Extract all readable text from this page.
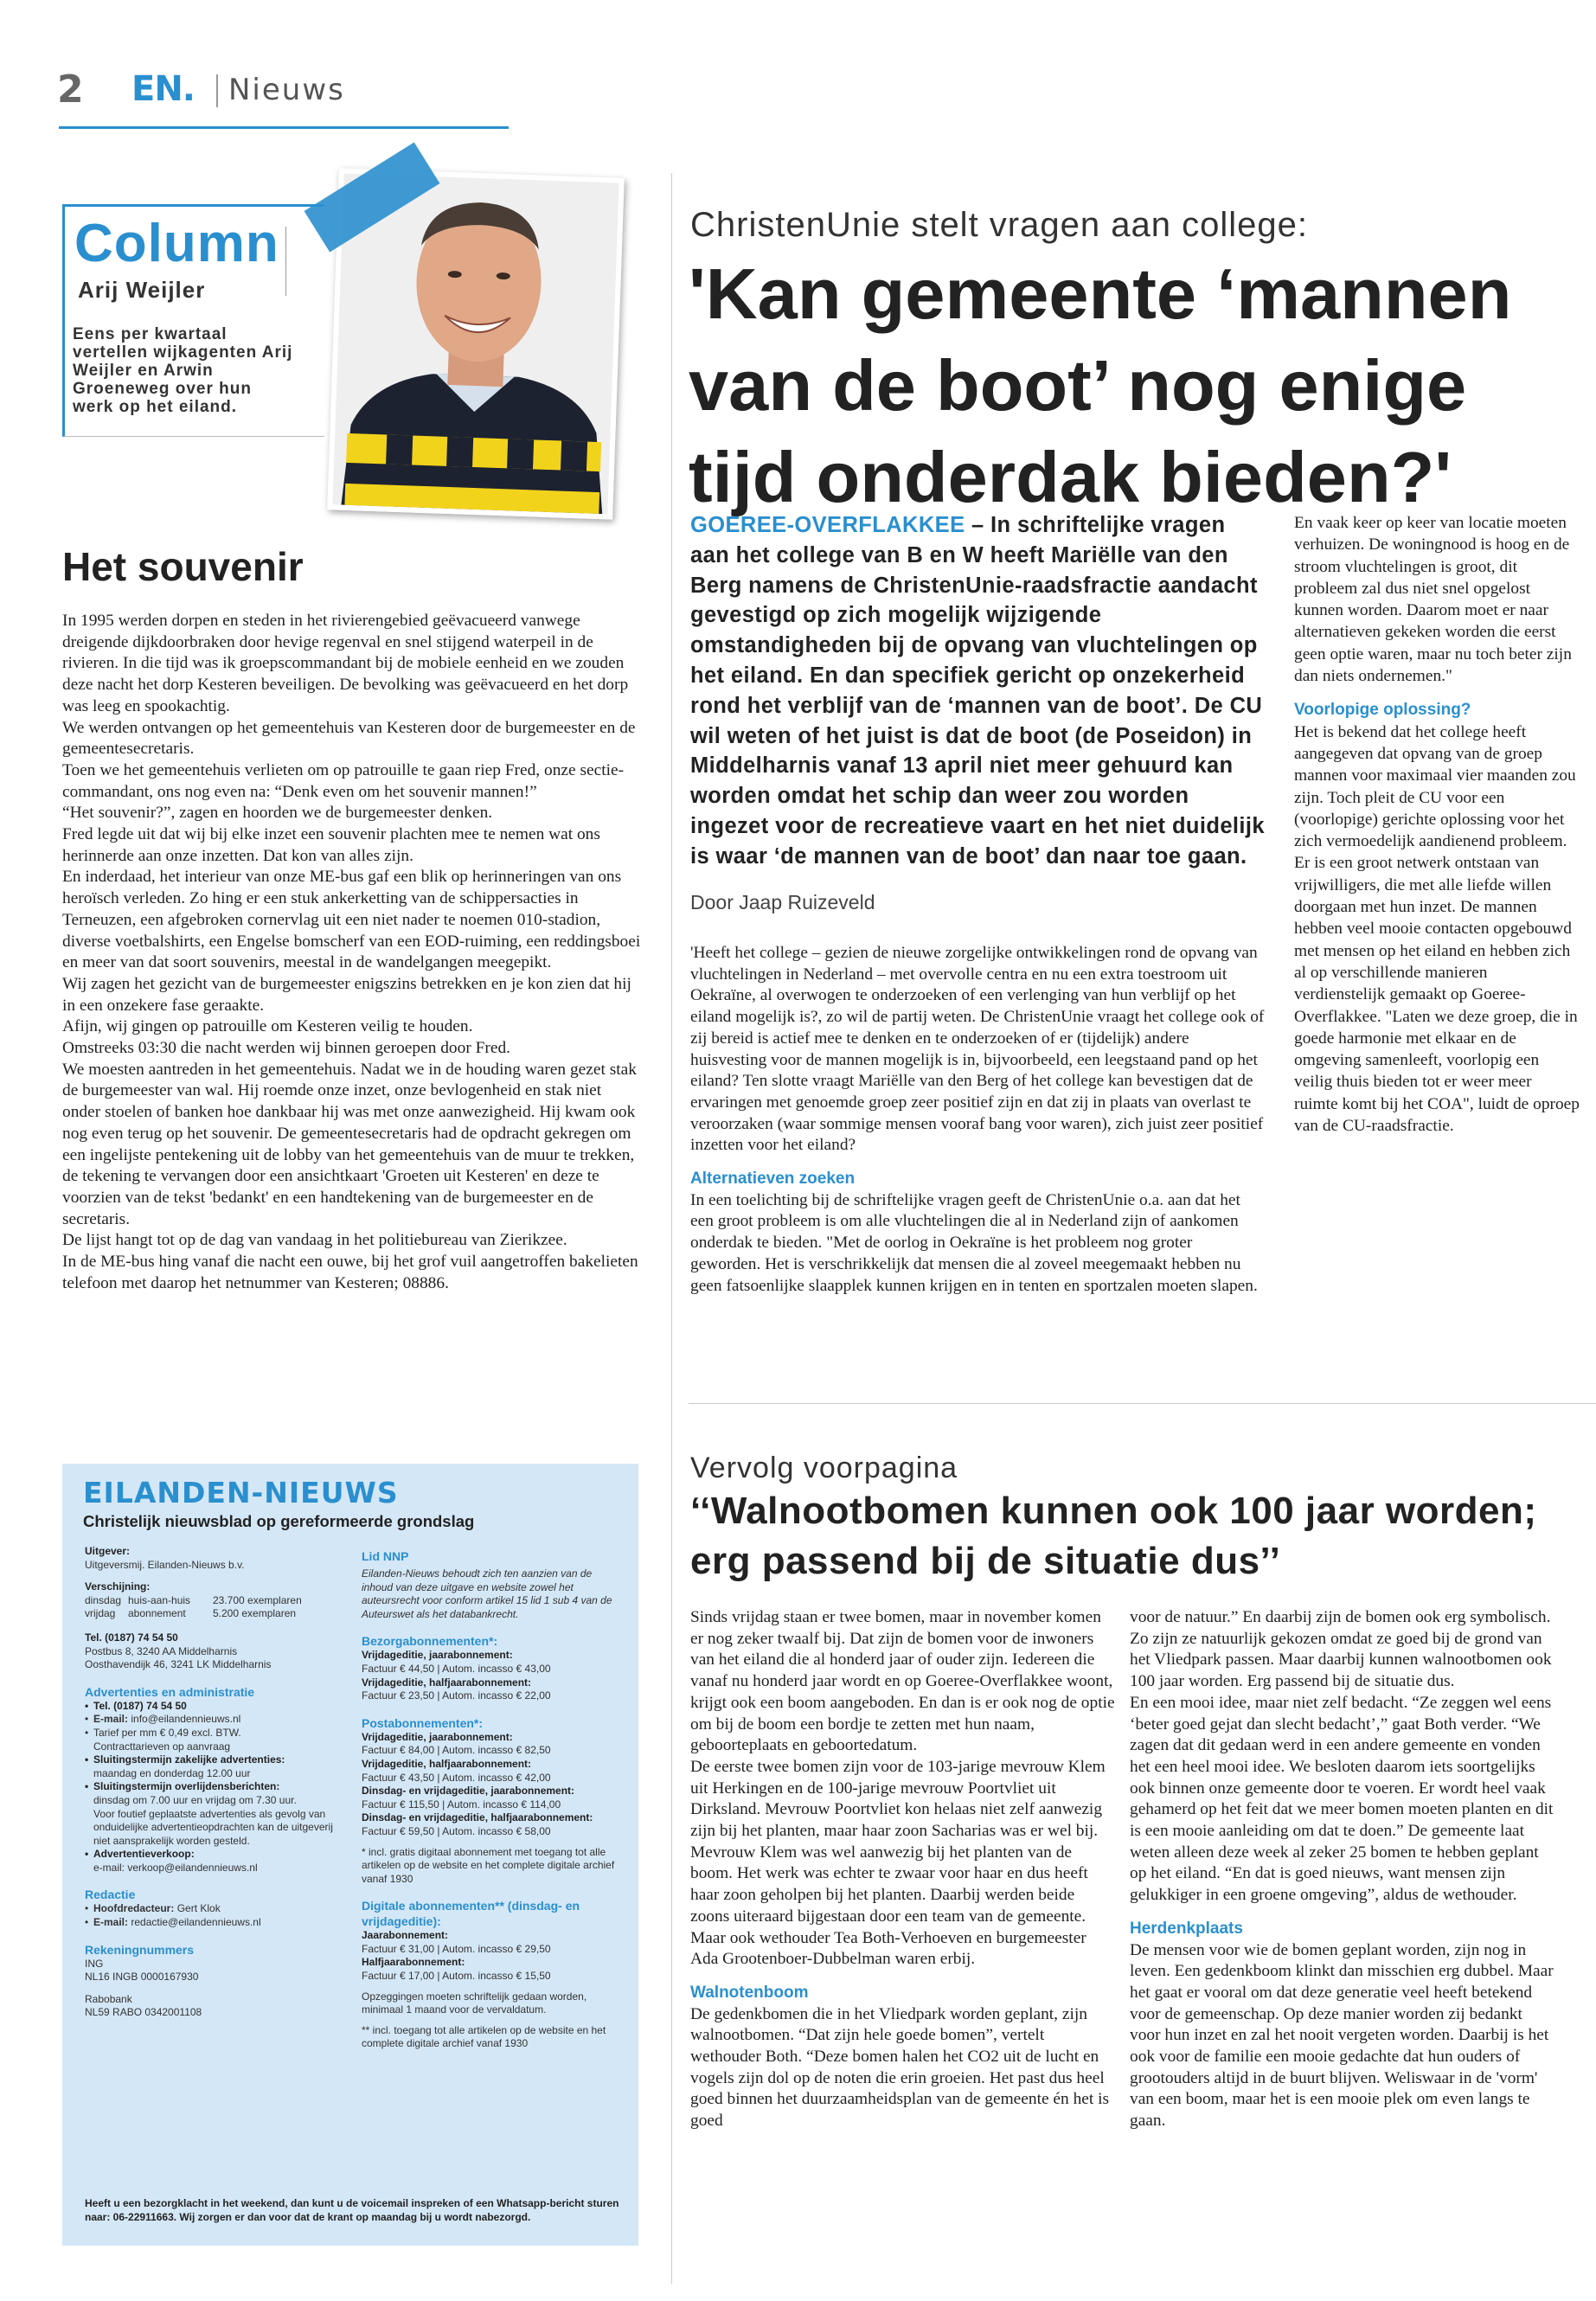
2 EN. Nieuws
Column
Arij Weijler
Eens per kwartaal vertellen wijkagenten Arij Weijler en Arwin Groeneweg over hun werk op het eiland.
Het souvenir

In 1995 werden dorpen en steden in het rivierengebied geëvacueerd vanwege dreigende dijkdoorbraken door hevige regenval en snel stijgend waterpeil in de rivieren. In die tijd was ik groepscommandant bij de mobiele eenheid en we zouden deze nacht het dorp Kesteren beveiligen. De bevolking was geëvacueerd en het dorp was leeg en spookachtig.

We werden ontvangen op het gemeentehuis van Kesteren door de burgemeester en de gemeentesecretaris.

Toen we het gemeentehuis verlieten om op patrouille te gaan riep Fred, onze sectie-commandant, ons nog even na: “Denk even om het souvenir mannen!”

“Het souvenir?”, zagen en hoorden we de burgemeester denken.

Fred legde uit dat wij bij elke inzet een souvenir plachten mee te nemen wat ons herinnerde aan onze inzetten. Dat kon van alles zijn.

En inderdaad, het interieur van onze ME-bus gaf een blik op herinneringen van ons heroïsch verleden. Zo hing er een stuk ankerketting van de schippersacties in Terneuzen, een afgebroken cornervlag uit een niet nader te noemen 010-stadion, diverse voetbalshirts, een Engelse bomscherf van een EOD-ruiming, een reddingsboei en meer van dat soort souvenirs, meestal in de wandelgangen meegepikt.

Wij zagen het gezicht van de burgemeester enigszins betrekken en je kon zien dat hij in een onzekere fase geraakte.

Afijn, wij gingen op patrouille om Kesteren veilig te houden.

Omstreeks 03:30 die nacht werden wij binnen geroepen door Fred.

We moesten aantreden in het gemeentehuis. Nadat we in de houding waren gezet stak de burgemeester van wal. Hij roemde onze inzet, onze bevlogenheid en stak niet onder stoelen of banken hoe dankbaar hij was met onze aanwezigheid. Hij kwam ook nog even terug op het souvenir. De gemeentesecretaris had de opdracht gekregen om een ingelijste pentekening uit de lobby van het gemeentehuis van de muur te trekken, de tekening te vervangen door een ansichtkaart 'Groeten uit Kesteren' en deze te voorzien van de tekst 'bedankt' en een handtekening van de burgemeester en de secretaris.

De lijst hangt tot op de dag van vandaag in het politiebureau van Zierikzee.

In de ME-bus hing vanaf die nacht een ouwe, bij het grof vuil aangetroffen bakelieten telefoon met daarop het netnummer van Kesteren; 08886.

ChristenUnie stelt vragen aan college:
'Kan gemeente ‘mannen van de boot’ nog enige tijd onderdak bieden?'
GOEREE-OVERFLAKKEE – In schriftelijke vragen aan het college van B en W heeft Mariëlle van den Berg namens de ChristenUnie-raadsfractie aandacht gevestigd op zich mogelijk wijzigende omstandigheden bij de opvang van vluchtelingen op het eiland. En dan specifiek gericht op onzekerheid rond het verblijf van de ‘mannen van de boot’. De CU wil weten of het juist is dat de boot (de Poseidon) in Middelharnis vanaf 13 april niet meer gehuurd kan worden omdat het schip dan weer zou worden ingezet voor de recreatieve vaart en het niet duidelijk is waar ‘de mannen van de boot’ dan naar toe gaan.
Door Jaap Ruizeveld

'Heeft het college – gezien de nieuwe zorgelijke ontwikkelingen rond de opvang van vluchtelingen in Nederland – met overvolle centra en nu een extra toestroom uit Oekraïne, al overwogen te onderzoeken of een verlenging van hun verblijf op het eiland mogelijk is?, zo wil de partij weten. De ChristenUnie vraagt het college ook of zij bereid is actief mee te denken en te onderzoeken of er (tijdelijk) andere huisvesting voor de mannen mogelijk is in, bijvoorbeeld, een leegstaand pand op het eiland? Ten slotte vraagt Mariëlle van den Berg of het college kan bevestigen dat de ervaringen met genoemde groep zeer positief zijn en dat zij in plaats van overlast te veroorzaken (waar sommige mensen vooraf bang voor waren), zich juist zeer positief inzetten voor het eiland?

Alternatieven zoeken

In een toelichting bij de schriftelijke vragen geeft de ChristenUnie o.a. aan dat het een groot probleem is om alle vluchtelingen die al in Nederland zijn of aankomen onderdak te bieden. "Met de oorlog in Oekraïne is het probleem nog groter geworden. Het is verschrikkelijk dat mensen die al zoveel meegemaakt hebben nu geen fatsoenlijke slaapplek kunnen krijgen en in tenten en sportzalen moeten slapen.

En vaak keer op keer van locatie moeten verhuizen. De woningnood is hoog en de stroom vluchtelingen is groot, dit probleem zal dus niet snel opgelost kunnen worden. Daarom moet er naar alternatieven gekeken worden die eerst geen optie waren, maar nu toch beter zijn dan niets ondernemen."

Voorlopige oplossing?

Het is bekend dat het college heeft aangegeven dat opvang van de groep mannen voor maximaal vier maanden zou zijn. Toch pleit de CU voor een (voorlopige) gerichte oplossing voor het zich vermoedelijk aandienend probleem. Er is een groot netwerk ontstaan van vrijwilligers, die met alle liefde willen doorgaan met hun inzet. De mannen hebben veel mooie contacten opgebouwd met mensen op het eiland en hebben zich al op verschillende manieren verdienstelijk gemaakt op Goeree-Overflakkee. "Laten we deze groep, die in goede harmonie met elkaar en de omgeving samenleeft, voorlopig een veilig thuis bieden tot er weer meer ruimte komt bij het COA", luidt de oproep van de CU-raadsfractie.

Vervolg voorpagina
‘‘Walnootbomen kunnen ook 100 jaar worden; erg passend bij de situatie dus’’

Sinds vrijdag staan er twee bomen, maar in november komen er nog zeker twaalf bij. Dat zijn de bomen voor de inwoners van het eiland die al honderd jaar of ouder zijn. Iedereen die vanaf nu honderd jaar wordt en op Goeree-Overflakkee woont, krijgt ook een boom aangeboden. En dan is er ook nog de optie om bij de boom een bordje te zetten met hun naam, geboorteplaats en geboortedatum.

De eerste twee bomen zijn voor de 103-jarige mevrouw Klem uit Herkingen en de 100-jarige mevrouw Poortvliet uit Dirksland. Mevrouw Poortvliet kon helaas niet zelf aanwezig zijn bij het planten, maar haar zoon Sacharias was er wel bij. Mevrouw Klem was wel aanwezig bij het planten van de boom. Het werk was echter te zwaar voor haar en dus heeft haar zoon geholpen bij het planten. Daarbij werden beide zoons uiteraard bijgestaan door een team van de gemeente. Maar ook wethouder Tea Both-Verhoeven en burgemeester Ada Grootenboer-Dubbelman waren erbij.

Walnotenboom

De gedenkbomen die in het Vliedpark worden geplant, zijn walnootbomen. “Dat zijn hele goede bomen”, vertelt wethouder Both. “Deze bomen halen het CO2 uit de lucht en vogels zijn dol op de noten die erin groeien. Het past dus heel goed binnen het duurzaamheidsplan van de gemeente én het is goed

voor de natuur.” En daarbij zijn de bomen ook erg symbolisch. Zo zijn ze natuurlijk gekozen omdat ze goed bij de grond van het Vliedpark passen. Maar daarbij kunnen walnootbomen ook 100 jaar worden. Erg passend bij de situatie dus.

En een mooi idee, maar niet zelf bedacht. “Ze zeggen wel eens ‘beter goed gejat dan slecht bedacht’,” gaat Both verder. “We zagen dat dit gedaan werd in een andere gemeente en vonden het een heel mooi idee. We besloten daarom iets soortgelijks ook binnen onze gemeente door te voeren. Er wordt heel vaak gehamerd op het feit dat we meer bomen moeten planten en dit is een mooie aanleiding om dat te doen.” De gemeente laat weten alleen deze week al zeker 25 bomen te hebben geplant op het eiland. “En dat is goed nieuws, want mensen zijn gelukkiger in een groene omgeving”, aldus de wethouder.

Herdenkplaats

De mensen voor wie de bomen geplant worden, zijn nog in leven. Een gedenkboom klinkt dan misschien erg dubbel. Maar het gaat er vooral om dat deze generatie veel heeft betekend voor de gemeenschap. Op deze manier worden zij bedankt voor hun inzet en zal het nooit vergeten worden. Daarbij is het ook voor de familie een mooie gedachte dat hun ouders of grootouders altijd in de buurt blijven. Weliswaar in de 'vorm' van een boom, maar het is een mooie plek om even langs te gaan.

EILANDEN-NIEUWS
Christelijk nieuwsblad op gereformeerde grondslag
Uitgever:
Uitgeversmij. Eilanden-Nieuws b.v.
Verschijning:
dinsdag huis-aan-huis	23.700 exemplaren
vrijdag	abonnement	5.200 exemplaren
Tel. (0187) 74 54 50
Postbus 8, 3240 AA Middelharnis
Oosthavendijk 46, 3241 LK Middelharnis
Advertenties en administratie
• Tel. (0187) 74 54 50
• E-mail: info@eilandennieuws.nl
• Tarief per mm € 0,49 excl. BTW.
Contracttarieven op aanvraag
• Sluitingstermijn zakelijke advertenties:
maandag en donderdag 12.00 uur
• Sluitingstermijn overlijdensberichten:
dinsdag om 7.00 uur en vrijdag om 7.30 uur.
Voor foutief geplaatste advertenties als gevolg van onduidelijke advertentieopdrachten kan de uitgeverij niet aansprakelijk worden gesteld.
• Advertentieverkoop:
e-mail: verkoop@eilandennieuws.nl
Redactie
• Hoofdredacteur: Gert Klok
• E-mail: redactie@eilandennieuws.nl
Rekeningnummers
ING
NL16 INGB 0000167930
Rabobank
NL59 RABO 0342001108
Lid NNP
Eilanden-Nieuws behoudt zich ten aanzien van de inhoud van deze uitgave en website zowel het auteursrecht voor conform artikel 15 lid 1 sub 4 van de Auteurswet als het databankrecht.
Bezorgabonnementen*:
Vrijdageditie, jaarabonnement:
Factuur € 44,50 | Autom. incasso € 43,00
Vrijdageditie, halfjaarabonnement:
Factuur € 23,50 | Autom. incasso € 22,00
Postabonnementen*:
Vrijdageditie, jaarabonnement:
Factuur € 84,00 | Autom. incasso € 82,50
Vrijdageditie, halfjaarabonnement:
Factuur € 43,50 | Autom. incasso € 42,00
Dinsdag- en vrijdageditie, jaarabonnement:
Factuur € 115,50 | Autom. incasso € 114,00
Dinsdag- en vrijdageditie, halfjaarabonnement:
Factuur € 59,50 | Autom. incasso € 58,00
* incl. gratis digitaal abonnement met toegang tot alle artikelen op de website en het complete digitale archief vanaf 1930
Digitale abonnementen** (dinsdag- en vrijdageditie):
Jaarabonnement:
Factuur € 31,00 | Autom. incasso € 29,50
Halfjaarabonnement:
Factuur € 17,00 | Autom. incasso € 15,50
Opzeggingen moeten schriftelijk gedaan worden, minimaal 1 maand voor de vervaldatum.
** incl. toegang tot alle artikelen op de website en het complete digitale archief vanaf 1930
Heeft u een bezorgklacht in het weekend, dan kunt u de voicemail inspreken of een Whatsapp-bericht sturen naar: 06-22911663. Wij zorgen er dan voor dat de krant op maandag bij u wordt nabezorgd.
